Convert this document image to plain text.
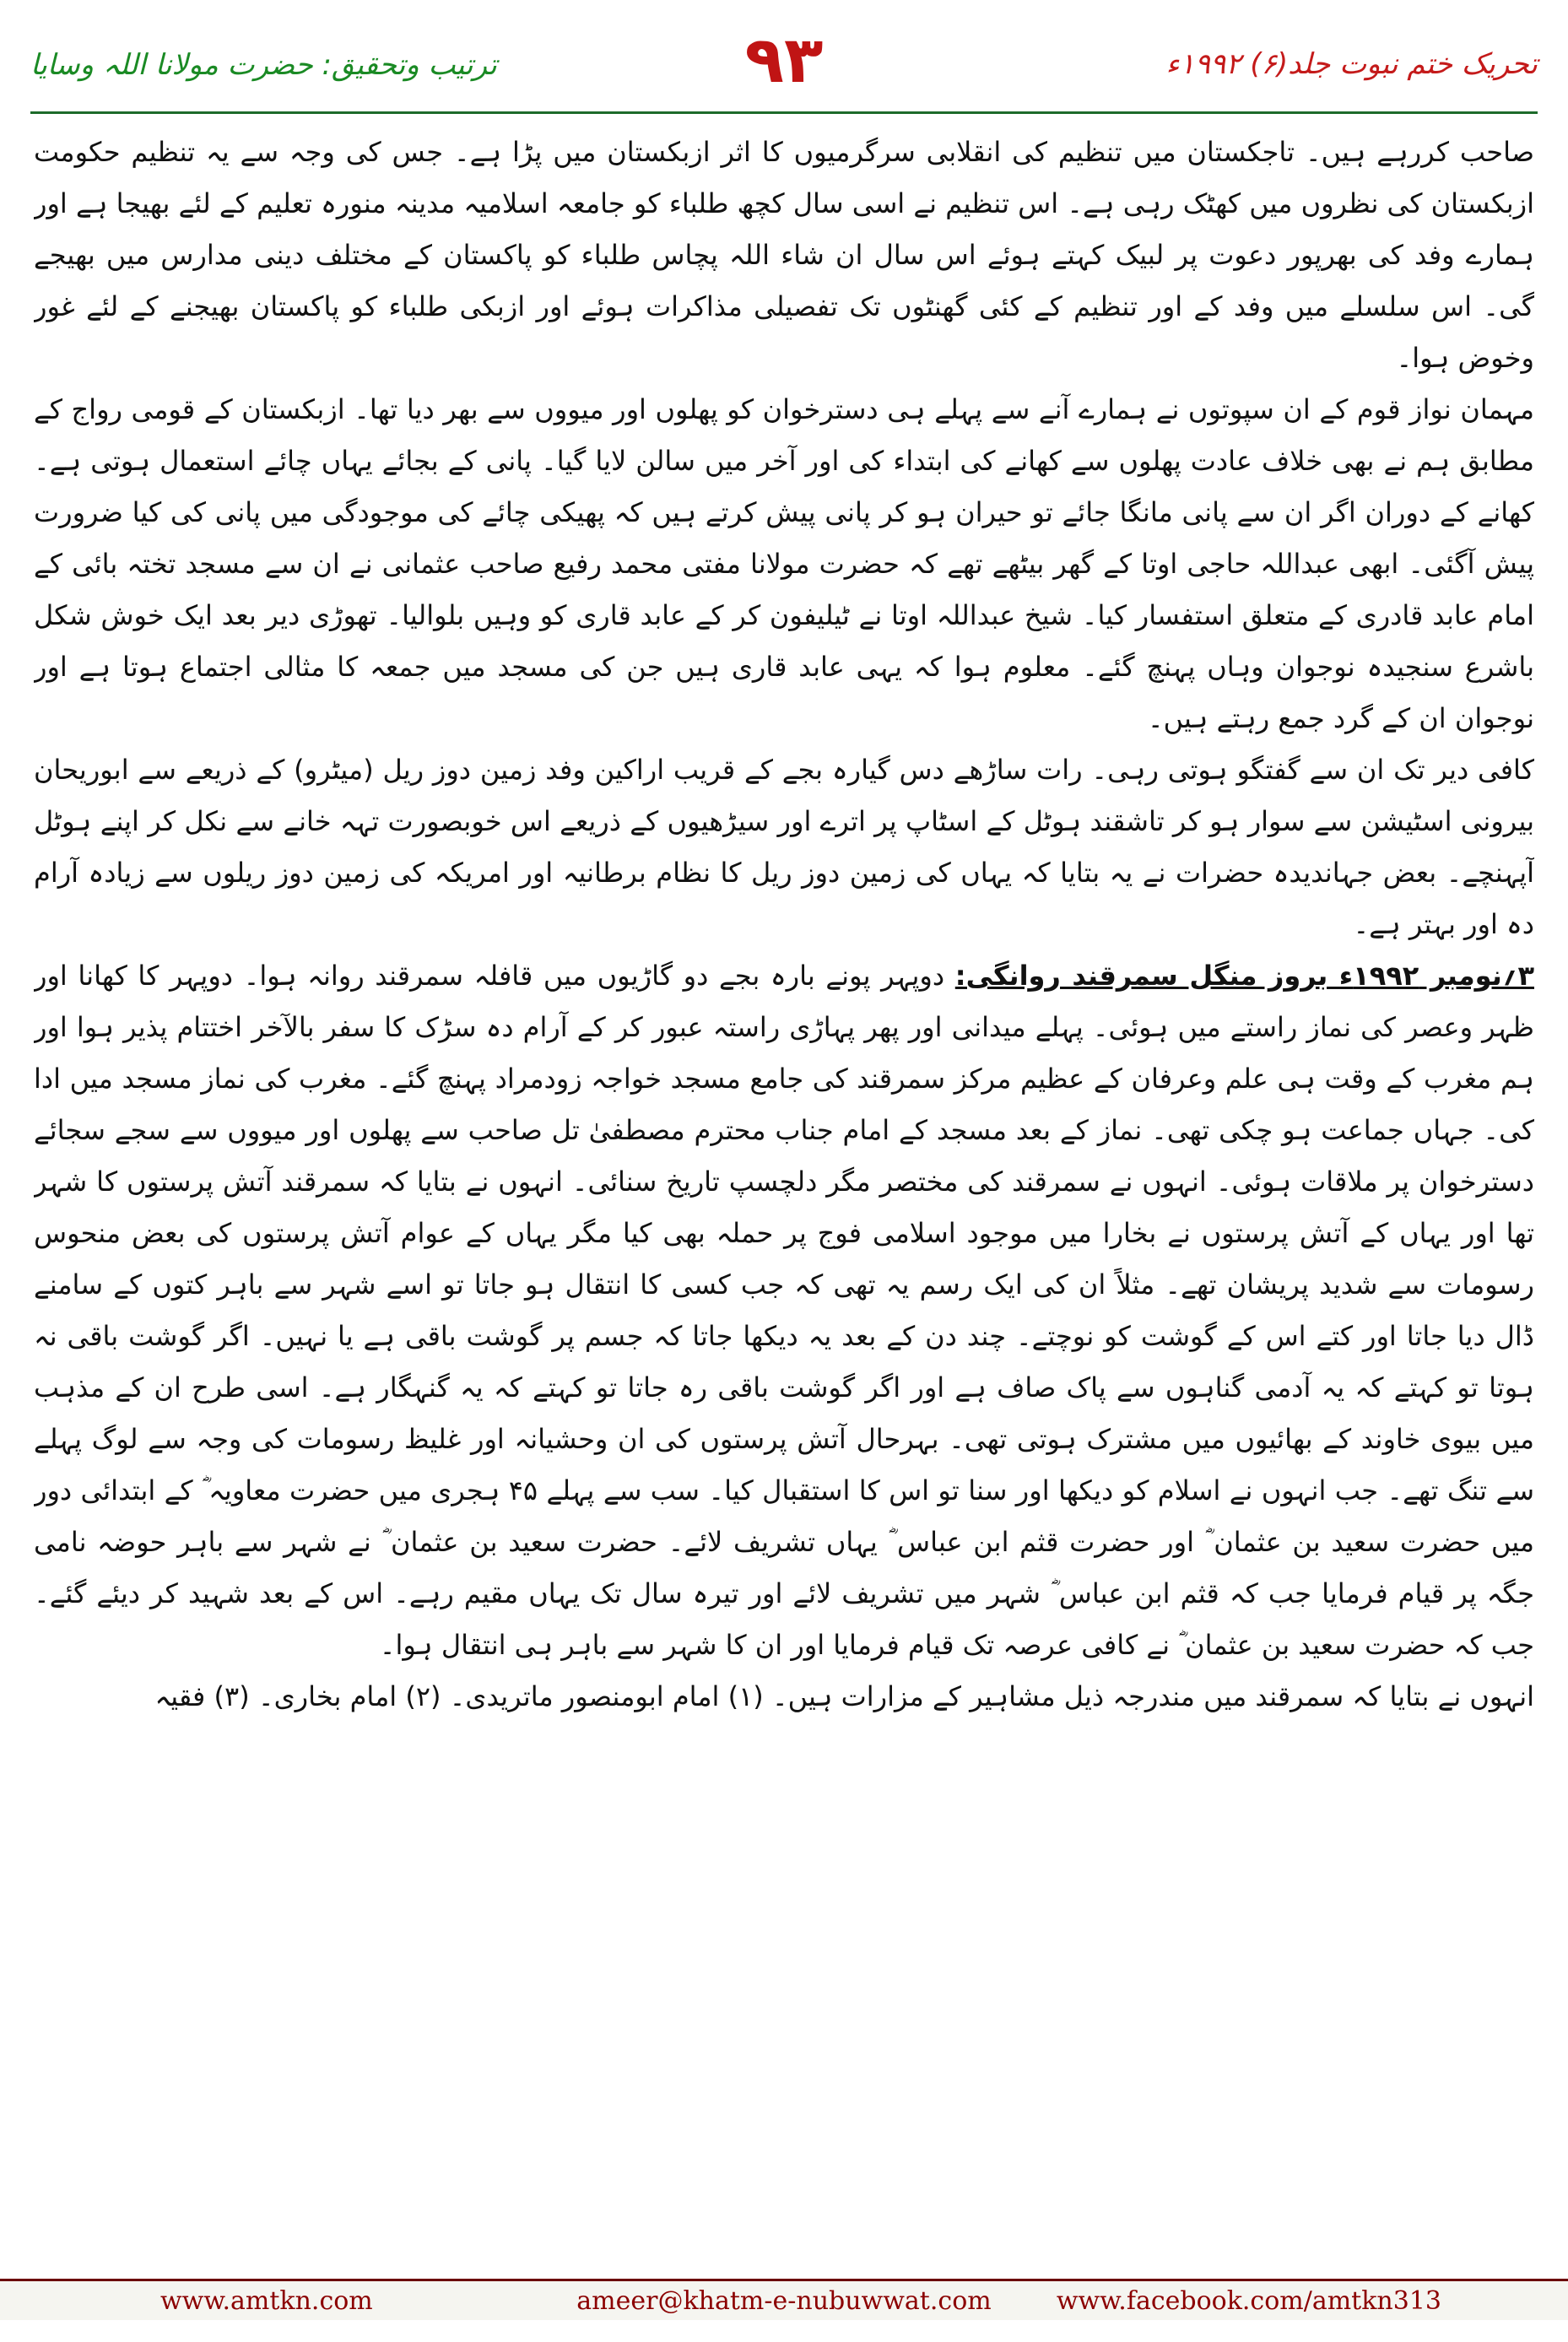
ترتیب وتحقیق: حضرت مولانا اللہ وسایا	۹۳	تحریک ختم نبوت جلد(۶) ۱۹۹۲ء

صاحب کررہے ہیں۔ تاجکستان میں تنظیم کی انقلابی سرگرمیوں کا اثر ازبکستان میں پڑا ہے۔ جس کی وجہ سے یہ تنظیم حکومت ازبکستان کی نظروں میں کھٹک رہی ہے۔ اس تنظیم نے اسی سال کچھ طلباء کو جامعہ اسلامیہ مدینہ منورہ تعلیم کے لئے بھیجا ہے اور ہمارے وفد کی بھرپور دعوت پر لبیک کہتے ہوئے اس سال ان شاء اللہ پچاس طلباء کو پاکستان کے مختلف دینی مدارس میں بھیجے گی۔ اس سلسلے میں وفد کے اور تنظیم کے کئی گھنٹوں تک تفصیلی مذاکرات ہوئے اور ازبکی طلباء کو پاکستان بھیجنے کے لئے غور وخوض ہوا۔

مہمان نواز قوم کے ان سپوتوں نے ہمارے آنے سے پہلے ہی دسترخوان کو پھلوں اور میووں سے بھر دیا تھا۔ ازبکستان کے قومی رواج کے مطابق ہم نے بھی خلاف عادت پھلوں سے کھانے کی ابتداء کی اور آخر میں سالن لایا گیا۔ پانی کے بجائے یہاں چائے استعمال ہوتی ہے۔ کھانے کے دوران اگر ان سے پانی مانگا جائے تو حیران ہو کر پانی پیش کرتے ہیں کہ پھیکی چائے کی موجودگی میں پانی کی کیا ضرورت پیش آگئی۔ ابھی عبداللہ حاجی اوتا کے گھر بیٹھے تھے کہ حضرت مولانا مفتی محمد رفیع صاحب عثمانی نے ان سے مسجد تختہ بائی کے امام عابد قادری کے متعلق استفسار کیا۔ شیخ عبداللہ اوتا نے ٹیلیفون کر کے عابد قاری کو وہیں بلوالیا۔ تھوڑی دیر بعد ایک خوش شکل باشرع سنجیدہ نوجوان وہاں پہنچ گئے۔ معلوم ہوا کہ یہی عابد قاری ہیں جن کی مسجد میں جمعہ کا مثالی اجتماع ہوتا ہے اور نوجوان ان کے گرد جمع رہتے ہیں۔

کافی دیر تک ان سے گفتگو ہوتی رہی۔ رات ساڑھے دس گیارہ بجے کے قریب اراکین وفد زمین دوز ریل (میٹرو) کے ذریعے سے ابوریحان بیرونی اسٹیشن سے سوار ہو کر تاشقند ہوٹل کے اسٹاپ پر اترے اور سیڑھیوں کے ذریعے اس خوبصورت تہہ خانے سے نکل کر اپنے ہوٹل آپہنچے۔ بعض جہاندیدہ حضرات نے یہ بتایا کہ یہاں کی زمین دوز ریل کا نظام برطانیہ اور امریکہ کی زمین دوز ریلوں سے زیادہ آرام دہ اور بہتر ہے۔

۳؍نومبر ۱۹۹۲ء بروز منگل سمرقند روانگی: دوپہر پونے بارہ بجے دو گاڑیوں میں قافلہ سمرقند روانہ ہوا۔ دوپہر کا کھانا اور ظہر وعصر کی نماز راستے میں ہوئی۔ پہلے میدانی اور پھر پہاڑی راستہ عبور کر کے آرام دہ سڑک کا سفر بالآخر اختتام پذیر ہوا اور ہم مغرب کے وقت ہی علم وعرفان کے عظیم مرکز سمرقند کی جامع مسجد خواجہ زودمراد پہنچ گئے۔ مغرب کی نماز مسجد میں ادا کی۔ جہاں جماعت ہو چکی تھی۔ نماز کے بعد مسجد کے امام جناب محترم مصطفیٰ تل صاحب سے پھلوں اور میووں سے سجے سجائے دسترخوان پر ملاقات ہوئی۔ انہوں نے سمرقند کی مختصر مگر دلچسپ تاریخ سنائی۔ انہوں نے بتایا کہ سمرقند آتش پرستوں کا شہر تھا اور یہاں کے آتش پرستوں نے بخارا میں موجود اسلامی فوج پر حملہ بھی کیا مگر یہاں کے عوام آتش پرستوں کی بعض منحوس رسومات سے شدید پریشان تھے۔ مثلاً ان کی ایک رسم یہ تھی کہ جب کسی کا انتقال ہو جاتا تو اسے شہر سے باہر کتوں کے سامنے ڈال دیا جاتا اور کتے اس کے گوشت کو نوچتے۔ چند دن کے بعد یہ دیکھا جاتا کہ جسم پر گوشت باقی ہے یا نہیں۔ اگر گوشت باقی نہ ہوتا تو کہتے کہ یہ آدمی گناہوں سے پاک صاف ہے اور اگر گوشت باقی رہ جاتا تو کہتے کہ یہ گنہگار ہے۔ اسی طرح ان کے مذہب میں بیوی خاوند کے بھائیوں میں مشترک ہوتی تھی۔ بہرحال آتش پرستوں کی ان وحشیانہ اور غلیظ رسومات کی وجہ سے لوگ پہلے سے تنگ تھے۔ جب انہوں نے اسلام کو دیکھا اور سنا تو اس کا استقبال کیا۔ سب سے پہلے ۴۵ ہجری میں حضرت معاویہ ؓ کے ابتدائی دور میں حضرت سعید بن عثمان ؓ اور حضرت قثم ابن عباس ؓ یہاں تشریف لائے۔ حضرت سعید بن عثمان ؓ نے شہر سے باہر حوضہ نامی جگہ پر قیام فرمایا جب کہ قثم ابن عباس ؓ شہر میں تشریف لائے اور تیرہ سال تک یہاں مقیم رہے۔ اس کے بعد شہید کر دیئے گئے۔ جب کہ حضرت سعید بن عثمان ؓ نے کافی عرصہ تک قیام فرمایا اور ان کا شہر سے باہر ہی انتقال ہوا۔

انہوں نے بتایا کہ سمرقند میں مندرجہ ذیل مشاہیر کے مزارات ہیں۔ (۱) امام ابومنصور ماتریدی۔ (۲) امام بخاری۔ (۳) فقیہ

www.amtkn.com	ameer@khatm-e-nubuwwat.com	www.facebook.com/amtkn313
